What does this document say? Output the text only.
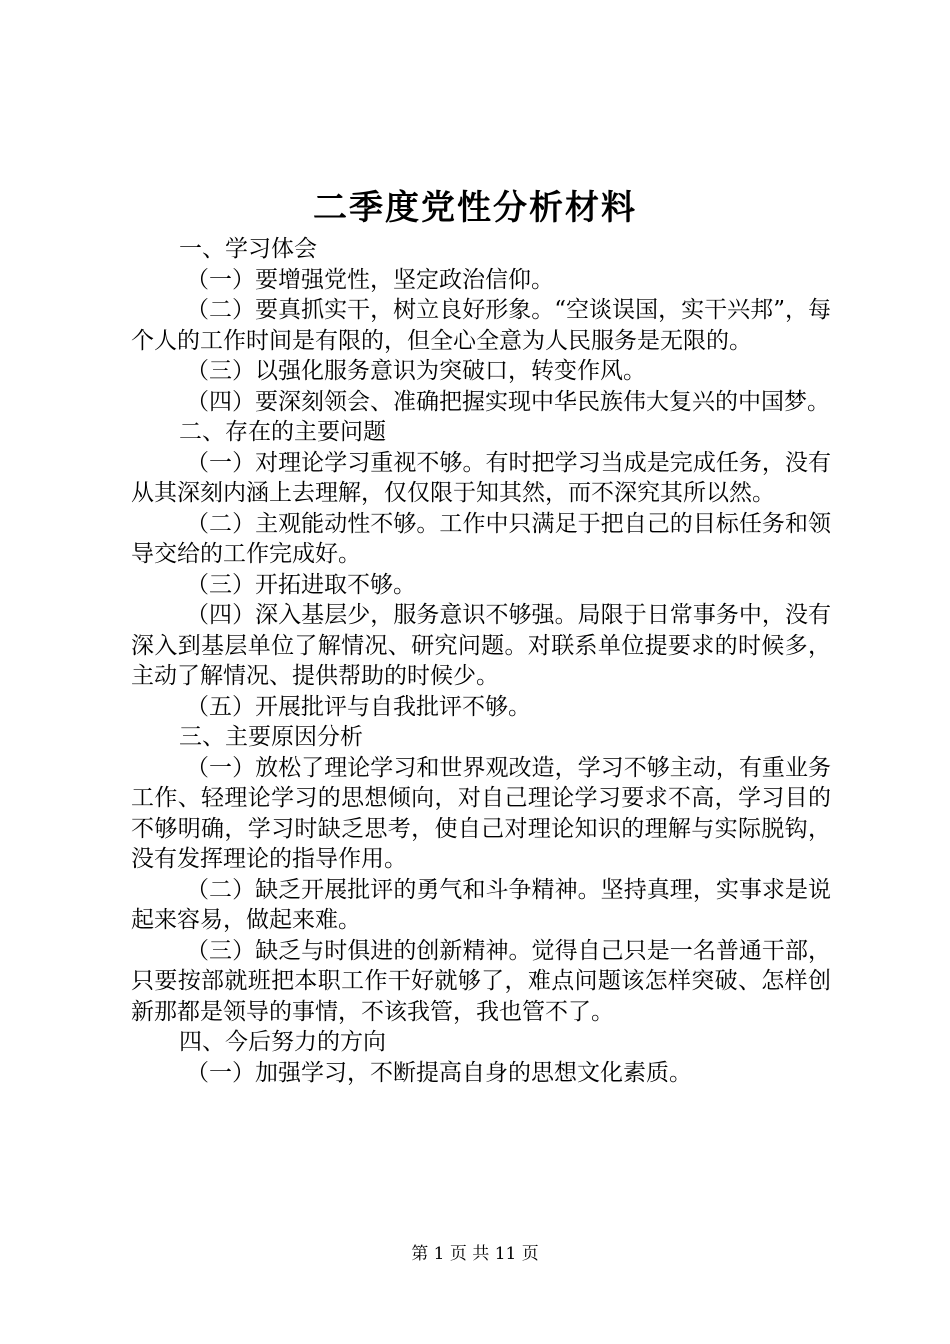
二季度党性分析材料

一、学习体会

（一）要增强党性，坚定政治信仰。

（二）要真抓实干，树立良好形象。“空谈误国，实干兴邦”，每个人的工作时间是有限的，但全心全意为人民服务是无限的。

（三）以强化服务意识为突破口，转变作风。

（四）要深刻领会、准确把握实现中华民族伟大复兴的中国梦。

二、存在的主要问题

（一）对理论学习重视不够。有时把学习当成是完成任务，没有从其深刻内涵上去理解，仅仅限于知其然，而不深究其所以然。

（二）主观能动性不够。工作中只满足于把自己的目标任务和领导交给的工作完成好。

（三）开拓进取不够。

（四）深入基层少，服务意识不够强。局限于日常事务中，没有深入到基层单位了解情况、研究问题。对联系单位提要求的时候多，主动了解情况、提供帮助的时候少。

（五）开展批评与自我批评不够。

三、主要原因分析

（一）放松了理论学习和世界观改造，学习不够主动，有重业务工作、轻理论学习的思想倾向，对自己理论学习要求不高，学习目的不够明确，学习时缺乏思考，使自己对理论知识的理解与实际脱钩，没有发挥理论的指导作用。

（二）缺乏开展批评的勇气和斗争精神。坚持真理，实事求是说起来容易，做起来难。

（三）缺乏与时俱进的创新精神。觉得自己只是一名普通干部，只要按部就班把本职工作干好就够了，难点问题该怎样突破、怎样创新那都是领导的事情，不该我管，我也管不了。

四、今后努力的方向

（一）加强学习，不断提高自身的思想文化素质。

第 1 页 共 11 页
